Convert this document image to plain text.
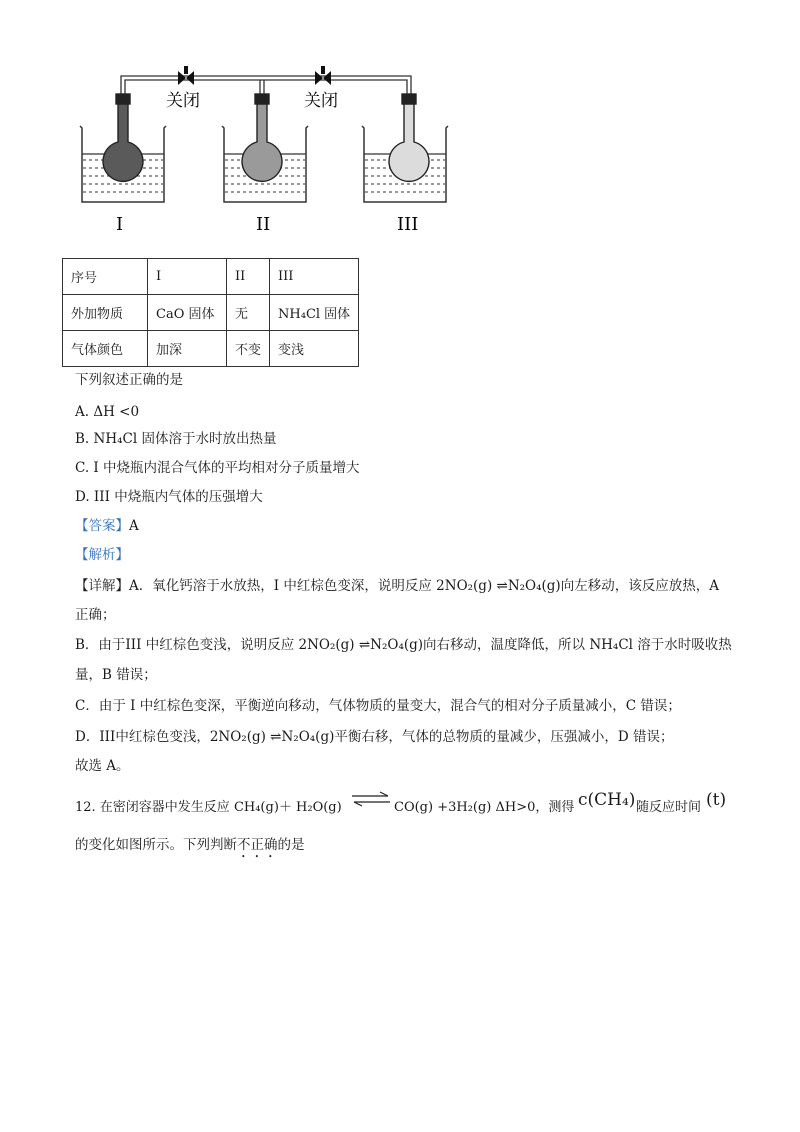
关闭	关闭
I	II	III
序号	I	II	III
外加物质	CaO 固体	无	NH₄Cl 固体
气体颜色	加深	不变	变浅
下列叙述正确的是
A. ΔH <0
B. NH₄Cl 固体溶于水时放出热量
C. I 中烧瓶内混合气体的平均相对分子质量增大
D. III 中烧瓶内气体的压强增大
【答案】A
【解析】
【详解】A．氧化钙溶于水放热，I 中红棕色变深，说明反应 2NO₂(g) ⇌N₂O₄(g)向左移动，该反应放热，A
正确；
B．由于III 中红棕色变浅，说明反应 2NO₂(g) ⇌N₂O₄(g)向右移动，温度降低，所以 NH₄Cl 溶于水时吸收热
量，B 错误；
C．由于 I 中红棕色变深，平衡逆向移动，气体物质的量变大，混合气的相对分子质量减小，C 错误；
D．III中红棕色变浅，2NO₂(g) ⇌N₂O₄(g)平衡右移，气体的总物质的量减少，压强减小，D 错误；
故选 A。
12. 在密闭容器中发生反应 CH₄(g)＋ H₂O(g)	CO(g) +3H₂(g) ΔH>0，测得 c(CH₄) 随反应时间 (t)
的变化如图所示。下列判断不正确的是
